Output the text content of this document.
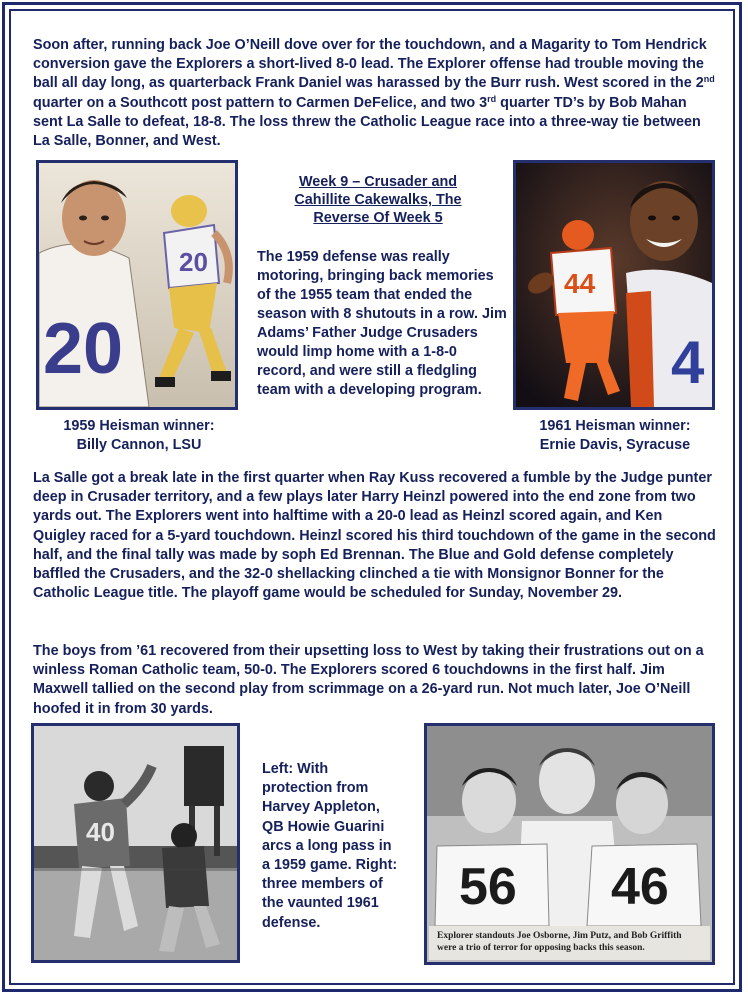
Soon after, running back Joe O’Neill dove over for the touchdown, and a Magarity to Tom Hendrick conversion gave the Explorers a short-lived 8-0 lead. The Explorer offense had trouble moving the ball all day long, as quarterback Frank Daniel was harassed by the Burr rush. West scored in the 2nd quarter on a Southcott post pattern to Carmen DeFelice, and two 3rd quarter TD’s by Bob Mahan sent La Salle to defeat, 18-8. The loss threw the Catholic League race into a three-way tie between La Salle, Bonner, and West.

20
20
1959 Heisman winner: Billy Cannon, LSU
Week 9 – Crusader and Cahillite Cakewalks, The Reverse Of Week 5

The 1959 defense was really motoring, bringing back memories of the 1955 team that ended the season with 8 shutouts in a row. Jim Adams’ Father Judge Crusaders would limp home with a 1-8-0 record, and were still a fledgling team with a developing program.

44
4
1961 Heisman winner: Ernie Davis, Syracuse

La Salle got a break late in the first quarter when Ray Kuss recovered a fumble by the Judge punter deep in Crusader territory, and a few plays later Harry Heinzl powered into the end zone from two yards out. The Explorers went into halftime with a 20-0 lead as Heinzl scored again, and Ken Quigley raced for a 5-yard touchdown. Heinzl scored his third touchdown of the game in the second half, and the final tally was made by soph Ed Brennan. The Blue and Gold defense completely baffled the Crusaders, and the 32-0 shellacking clinched a tie with Monsignor Bonner for the Catholic League title. The playoff game would be scheduled for Sunday, November 29.

The boys from ’61 recovered from their upsetting loss to West by taking their frustrations out on a winless Roman Catholic team, 50-0. The Explorers scored 6 touchdowns in the first half. Jim Maxwell tallied on the second play from scrimmage on a 26-yard run. Not much later, Joe O’Neill hoofed it in from 30 yards.

40

Left: With protection from Harvey Appleton, QB Howie Guarini arcs a long pass in a 1959 game. Right: three members of the vaunted 1961 defense.

56 46
Explorer standouts Joe Osborne, Jim Putz, and Bob Griffith were a trio of terror for opposing backs this season.
